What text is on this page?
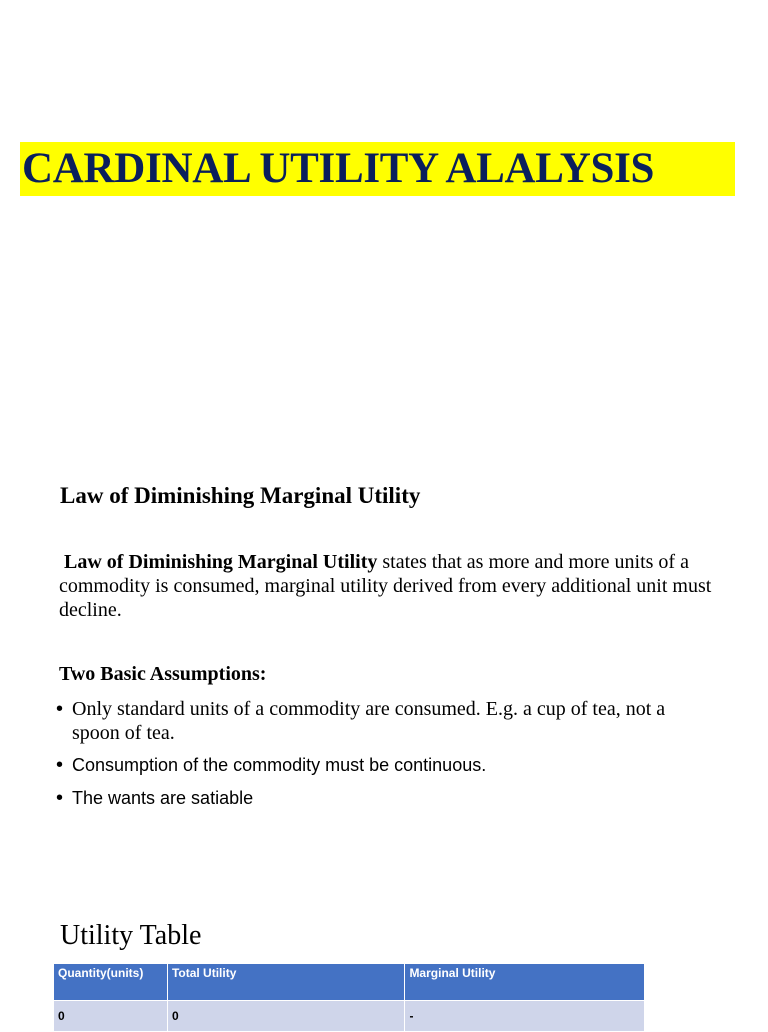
CARDINAL UTILITY ALALYSIS
Law of Diminishing Marginal Utility
Law of Diminishing Marginal Utility states that as more and more units of a commodity is consumed, marginal utility derived from every additional unit must decline.
Two Basic Assumptions:
• Only standard units of a commodity are consumed. E.g. a cup of tea, not a spoon of tea.
• Consumption of the commodity must be continuous.
• The wants are satiable
Utility Table
Quantity(units)	Total Utility	Marginal Utility
0	0	-
